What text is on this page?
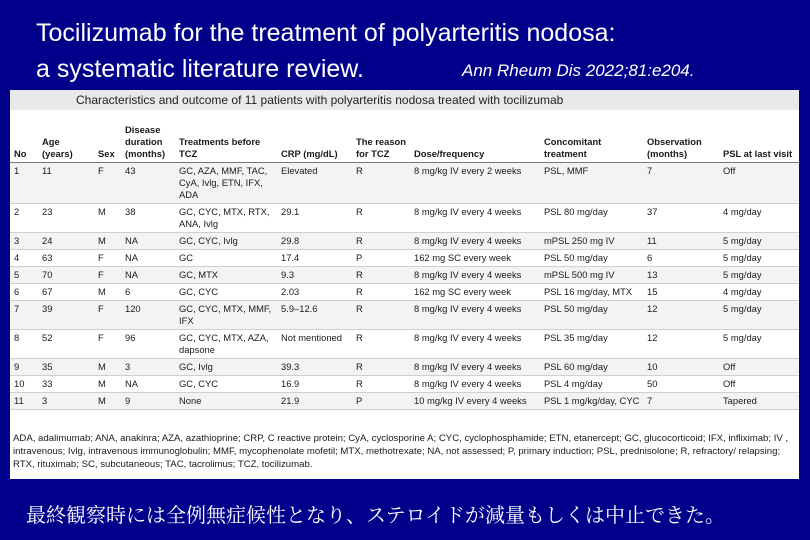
Tocilizumab for the treatment of polyarteritis nodosa:
a systematic literature review.	Ann Rheum Dis 2022;81:e204.
Characteristics and outcome of 11 patients with polyarteritis nodosa treated with tocilizumab
No	Age (years)	Sex	Disease duration (months)	Treatments before TCZ	CRP (mg/dL)	The reason for TCZ	Dose/frequency	Concomitant treatment	Observation (months)	PSL at last visit
1	11	F	43	GC, AZA, MMF, TAC, CyA, Ivlg, ETN, IFX, ADA	Elevated	R	8 mg/kg IV every 2 weeks	PSL, MMF	7	Off
2	23	M	38	GC, CYC, MTX, RTX, ANA, Ivlg	29.1	R	8 mg/kg IV every 4 weeks	PSL 80 mg/day	37	4 mg/day
3	24	M	NA	GC, CYC, Ivlg	29.8	R	8 mg/kg IV every 4 weeks	mPSL 250 mg IV	11	5 mg/day
4	63	F	NA	GC	17.4	P	162 mg SC every week	PSL 50 mg/day	6	5 mg/day
5	70	F	NA	GC, MTX	9.3	R	8 mg/kg IV every 4 weeks	mPSL 500 mg IV	13	5 mg/day
6	67	M	6	GC, CYC	2.03	R	162 mg SC every week	PSL 16 mg/day, MTX	15	4 mg/day
7	39	F	120	GC, CYC, MTX, MMF, IFX	5.9–12.6	R	8 mg/kg IV every 4 weeks	PSL 50 mg/day	12	5 mg/day
8	52	F	96	GC, CYC, MTX, AZA, dapsone	Not mentioned	R	8 mg/kg IV every 4 weeks	PSL 35 mg/day	12	5 mg/day
9	35	M	3	GC, Ivlg	39.3	R	8 mg/kg IV every 4 weeks	PSL 60 mg/day	10	Off
10	33	M	NA	GC, CYC	16.9	R	8 mg/kg IV every 4 weeks	PSL 4 mg/day	50	Off
11	3	M	9	None	21.9	P	10 mg/kg IV every 4 weeks	PSL 1 mg/kg/day, CYC	7	Tapered
ADA, adalimumab; ANA, anakinra; AZA, azathioprine; CRP, C reactive protein; CyA, cyclosporine A; CYC, cyclophosphamide; ETN, etanercept; GC, glucocorticoid; IFX, infliximab; IV , intravenous; Ivlg, intravenous immunoglobulin; MMF, mycophenolate mofetil; MTX, methotrexate; NA, not assessed; P, primary induction; PSL, prednisolone; R, refractory/ relapsing; RTX, rituximab; SC, subcutaneous; TAC, tacrolimus; TCZ, tocilizumab.
最終観察時には全例無症候性となり、ステロイドが減量もしくは中止できた。
